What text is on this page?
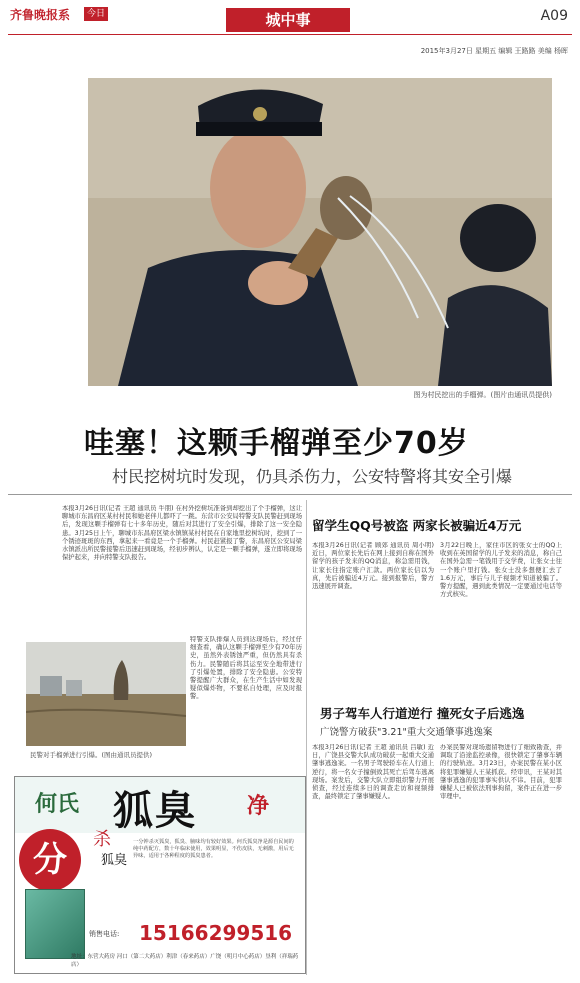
齐鲁晚报系	今日	城中事	A09
2015年3月27日 星期五 编辑 王路路 美编 杨晖
图为村民挖出的手榴弹。(图片由通讯员提供)
哇塞！这颗手榴弹至少70岁
村民挖树坑时发现，仍具杀伤力，公安特警将其安全引爆
本报3月26日讯(记者 王超 通讯员 牛朋) 在村外挖树坑准备到却挖出了个手榴弹，这让聊城市东昌府区某村村民和她老伴儿都吓了一跳。东营市公安局特警支队民警赶到现场后，发现这颗手榴弹有七十多年历史，随后对其进行了安全引爆，排除了这一安全隐患。3月25日上午，聊城市东昌府区梁水镇镇某村村民在自家地里挖树坑时，挖到了一个锈迹斑斑的东西，拿起来一看竟是一个手榴弹。村民赶紧报了警，东昌府区公安局梁水镇派出所民警接警后迅速赶到现场，经初步辨认，认定是一颗手榴弹，遂立即将现场保护起来，并向特警支队报告。
民警对手榴弹进行引爆。(图由通讯员提供)
特警支队排爆人员到达现场后，经过仔细查看，确认这颗手榴弹至少有70年历史，虽然外表锈蚀严重，但仍然具有杀伤力。民警随后将其运至安全地带进行了引爆处置，排除了安全隐患。公安特警提醒广大群众，在生产生活中如发现疑似爆炸物，不要私自处理，应及时报警。
留学生QQ号被盗 两家长被骗近4万元
本报3月26日讯(记者 顾郊 通讯员 周小明) 近日，两位家长先后在网上接到自称在国外留学的孩子发来的QQ消息，称急需用钱，让家长往指定账户汇款。两位家长信以为真，先后被骗近4万元。接到报警后，警方迅速展开调查。
3月22日晚上，家住市区的张女士的QQ上收到在英国留学的儿子发来的消息，称自己在国外急需一笔钱用于交学费，让张女士往一个账户里打钱。张女士没多想便汇去了1.6万元，事后与儿子视频才知道被骗了。警方提醒，遇到此类情况一定要通过电话等方式核实。
男子驾车人行道逆行 撞死女子后逃逸
广饶警方破获"3.21"重大交通肇事逃逸案
本报3月26日讯(记者 王超 通讯员 吕敏) 近日，广饶县交警大队成功破获一起重大交通肇事逃逸案。一名男子驾驶轿车在人行道上逆行，将一名女子撞倒致其死亡后驾车逃离现场。案发后，交警大队立即组织警力开展侦查，经过连续多日的调查走访和视频排查，最终锁定了肇事嫌疑人。
办案民警对现场遗留物进行了细致勘查，并调取了沿途监控录像，很快锁定了肇事车辆的行驶轨迹。3月23日，办案民警在某小区将犯罪嫌疑人王某抓获。经审讯，王某对其肇事逃逸的犯罪事实供认不讳。目前，犯罪嫌疑人已被依法刑事拘留，案件正在进一步审理中。
何氏 狐臭 净
分
杀
狐臭
一分钟杀灭狐臭，狐臭、腋味均有较好效果。何氏狐臭净是源自民间的纯中药配方，数十年临床使用，效果明显，不伤皮肤，无刺激，用后无异味，适用于各种程度的狐臭患者。
销售电话: 15166299516
地址：东营大药房 河口（第二大药店）利津（春来药店）广饶（明月中心药店）垦利（祥瑞药店）
